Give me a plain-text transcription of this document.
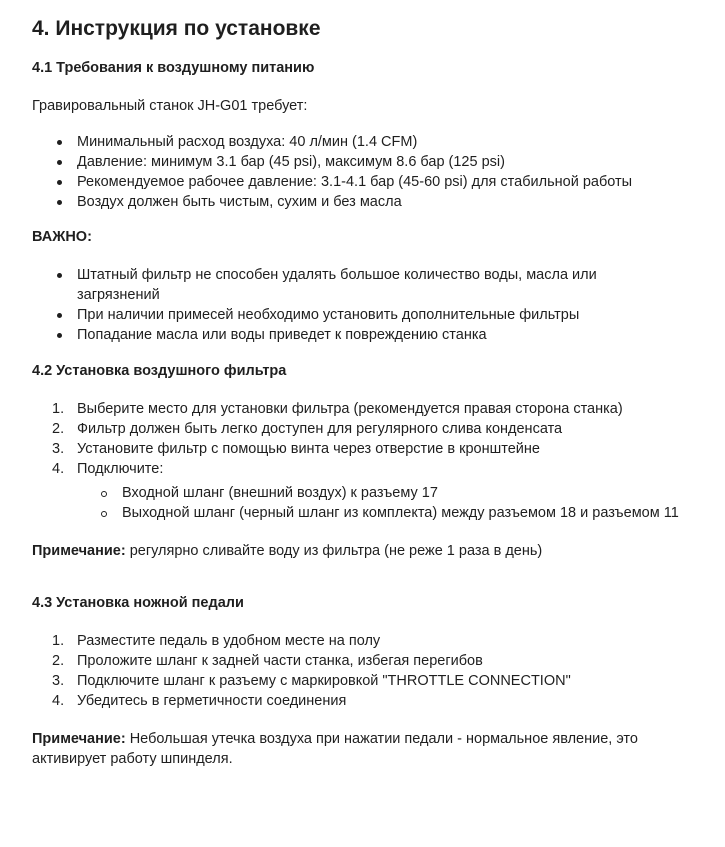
4. Инструкция по установке
4.1 Требования к воздушному питанию

Гравировальный станок JH-G01 требует:

Минимальный расход воздуха: 40 л/мин (1.4 CFM)
Давление: минимум 3.1 бар (45 psi), максимум 8.6 бар (125 psi)
Рекомендуемое рабочее давление: 3.1-4.1 бар (45-60 psi) для стабильной работы
Воздух должен быть чистым, сухим и без масла

ВАЖНО:

Штатный фильтр не способен удалять большое количество воды, масла или загрязнений
При наличии примесей необходимо установить дополнительные фильтры
Попадание масла или воды приведет к повреждению станка
4.2 Установка воздушного фильтра
1. Выберите место для установки фильтра (рекомендуется правая сторона станка)
2. Фильтр должен быть легко доступен для регулярного слива конденсата
3. Установите фильтр с помощью винта через отверстие в кронштейне
4. Подключите:
Входной шланг (внешний воздух) к разъему 17
Выходной шланг (черный шланг из комплекта) между разъемом 18 и разъемом 11

Примечание: регулярно сливайте воду из фильтра (не реже 1 раза в день)

4.3 Установка ножной педали
1. Разместите педаль в удобном месте на полу
2. Проложите шланг к задней части станка, избегая перегибов
3. Подключите шланг к разъему с маркировкой "THROTTLE CONNECTION"
4. Убедитесь в герметичности соединения

Примечание: Небольшая утечка воздуха при нажатии педали - нормальное явление, это активирует работу шпинделя.
